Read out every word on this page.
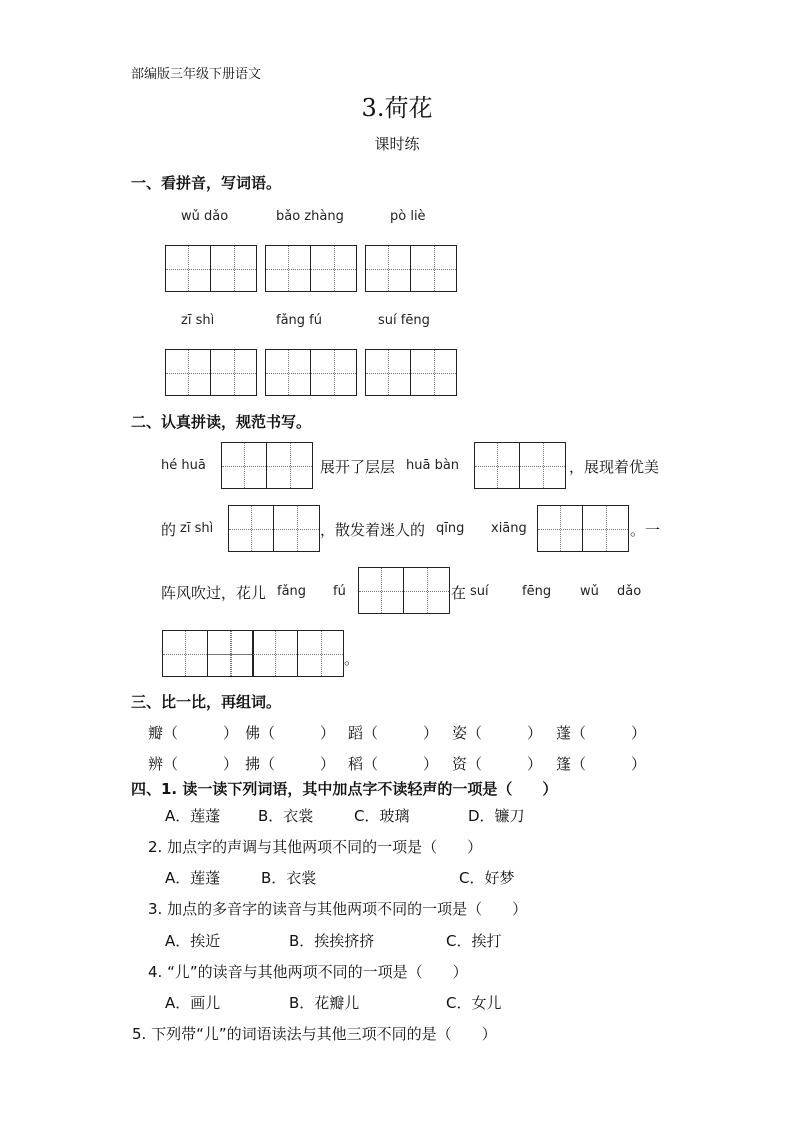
部编版三年级下册语文
3.荷花
课时练
一、看拼音，写词语。
wǔ dǎo	bǎo zhàng	pò liè
zī shì	fǎng fú	suí fēng
二、认真拼读，规范书写。
hé huā	展开了层层 huā bàn	，展现着优美
的 zī shì	，散发着迷人的 qīng xiāng	。一
阵风吹过，花儿 fǎng fú	在 suí	fēng wǔ dǎo
。
三、比一比，再组词。
瓣（　　　） 佛（　　　） 蹈（　　　） 姿（　　　） 蓬（　　　）
辨（　　　） 拂（　　　） 稻（　　　） 资（　　　） 篷（　　　）
四、1. 读一读下列词语，其中加点字不读轻声的一项是（　　）
A．莲蓬	B．衣裳	C．玻璃	D．镰刀
2. 加点字的声调与其他两项不同的一项是（　　）
A．莲蓬	B．衣裳	C．好梦
3. 加点的多音字的读音与其他两项不同的一项是（　　）
A．挨近	B．挨挨挤挤	C．挨打
4. “儿”的读音与其他两项不同的一项是（　　）
A．画儿	B．花瓣儿	C．女儿
5. 下列带“儿”的词语读法与其他三项不同的是（　　）
